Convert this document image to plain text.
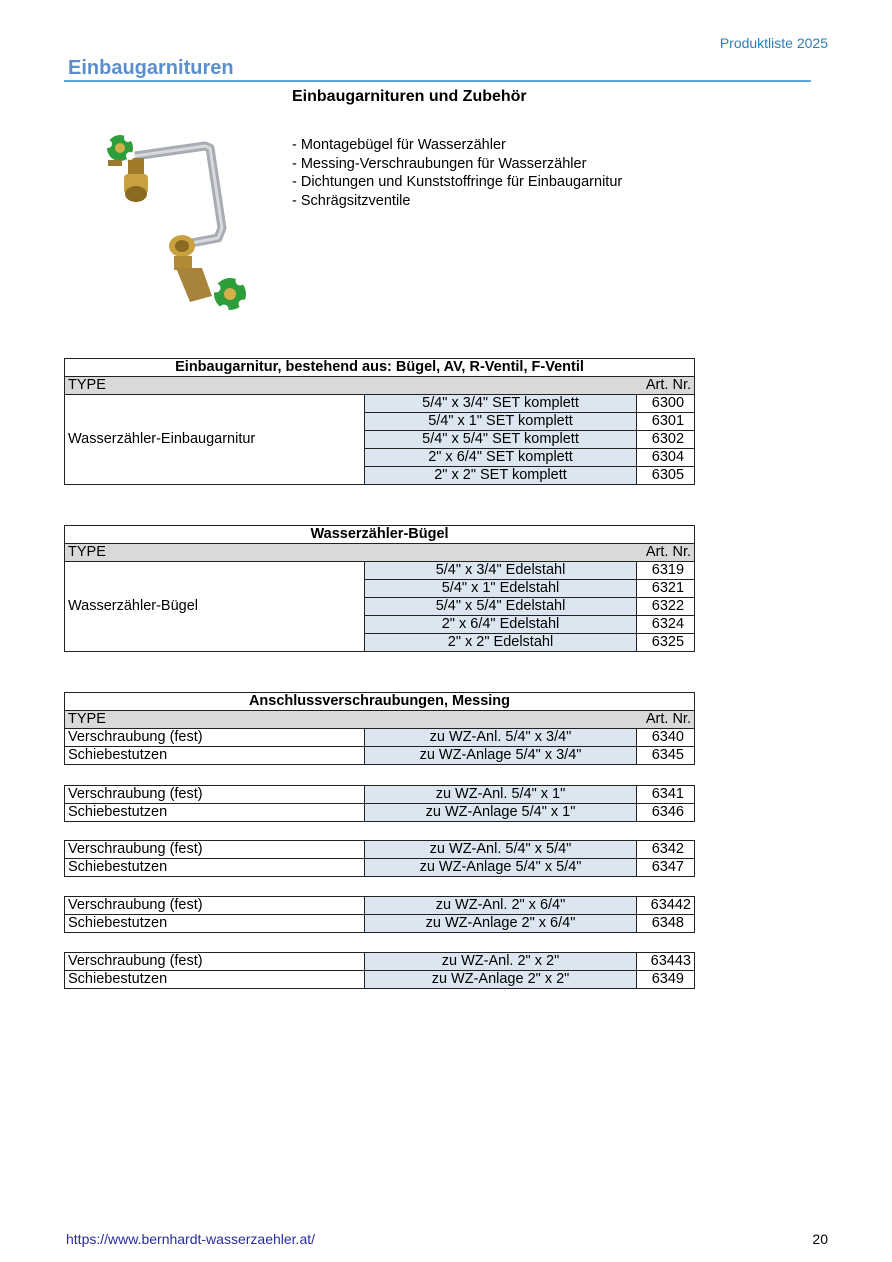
Produktliste 2025
Einbaugarnituren
Einbaugarnituren und Zubehör
- Montagebügel für Wasserzähler
- Messing-Verschraubungen für Wasserzähler
- Dichtungen und Kunststoffringe für Einbaugarnitur
- Schrägsitzventile
Einbaugarnitur, bestehend aus: Bügel, AV, R-Ventil, F-Ventil		
TYPE		Art. Nr.
Wasserzähler-Einbaugarnitur	5/4" x 3/4" SET komplett	6300
	5/4" x 1" SET komplett	6301
	5/4" x 5/4" SET komplett	6302
	2" x 6/4" SET komplett	6304
	2" x 2" SET komplett	6305
Wasserzähler-Bügel		
TYPE		Art. Nr.
Wasserzähler-Bügel	5/4" x 3/4" Edelstahl	6319
	5/4" x 1" Edelstahl	6321
	5/4" x 5/4" Edelstahl	6322
	2" x 6/4" Edelstahl	6324
	2" x 2" Edelstahl	6325
Anschlussverschraubungen, Messing		
TYPE		Art. Nr.
Verschraubung (fest)	zu WZ-Anl. 5/4" x 3/4"	6340
Schiebestutzen	zu WZ-Anlage 5/4" x 3/4"	6345
Verschraubung (fest)	zu WZ-Anl. 5/4" x 1"	6341
Schiebestutzen	zu WZ-Anlage 5/4" x 1"	6346
Verschraubung (fest)	zu WZ-Anl. 5/4" x 5/4"	6342
Schiebestutzen	zu WZ-Anlage 5/4" x 5/4"	6347
Verschraubung (fest)	zu WZ-Anl. 2" x 6/4"	63442
Schiebestutzen	zu WZ-Anlage 2" x 6/4"	6348
Verschraubung (fest)	zu WZ-Anl. 2" x 2"	63443
Schiebestutzen	zu WZ-Anlage 2" x 2"	6349
https://www.bernhardt-wasserzaehler.at/	20
